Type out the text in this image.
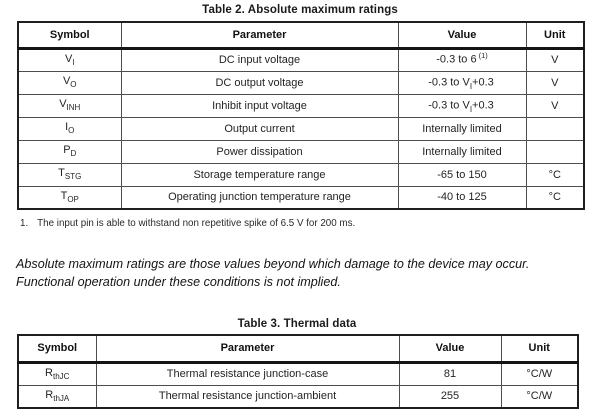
Table 2. Absolute maximum ratings
Symbol	Parameter	Value	Unit
$V_I$	DC input voltage	-0.3 to 6 $^{(1)}$	V
$V_O$	DC output voltage	-0.3 to $V_I+0.3$	V
$V_{INH}$	Inhibit input voltage	-0.3 to $V_I+0.3$	V
$I_O$	Output current	Internally limited	
$P_D$	Power dissipation	Internally limited	
$T_{STG}$	Storage temperature range	-65 to 150	°C
$T_{OP}$	Operating junction temperature range	-40 to 125	°C
1. The input pin is able to withstand non repetitive spike of 6.5 V for 200 ms.
Absolute maximum ratings are those values beyond which damage to the device may occur.
Functional operation under these conditions is not implied.
Table 3. Thermal data
Symbol	Parameter	Value	Unit
$R_{thJC}$	Thermal resistance junction-case	81	°C/W
$R_{thJA}$	Thermal resistance junction-ambient	255	°C/W
